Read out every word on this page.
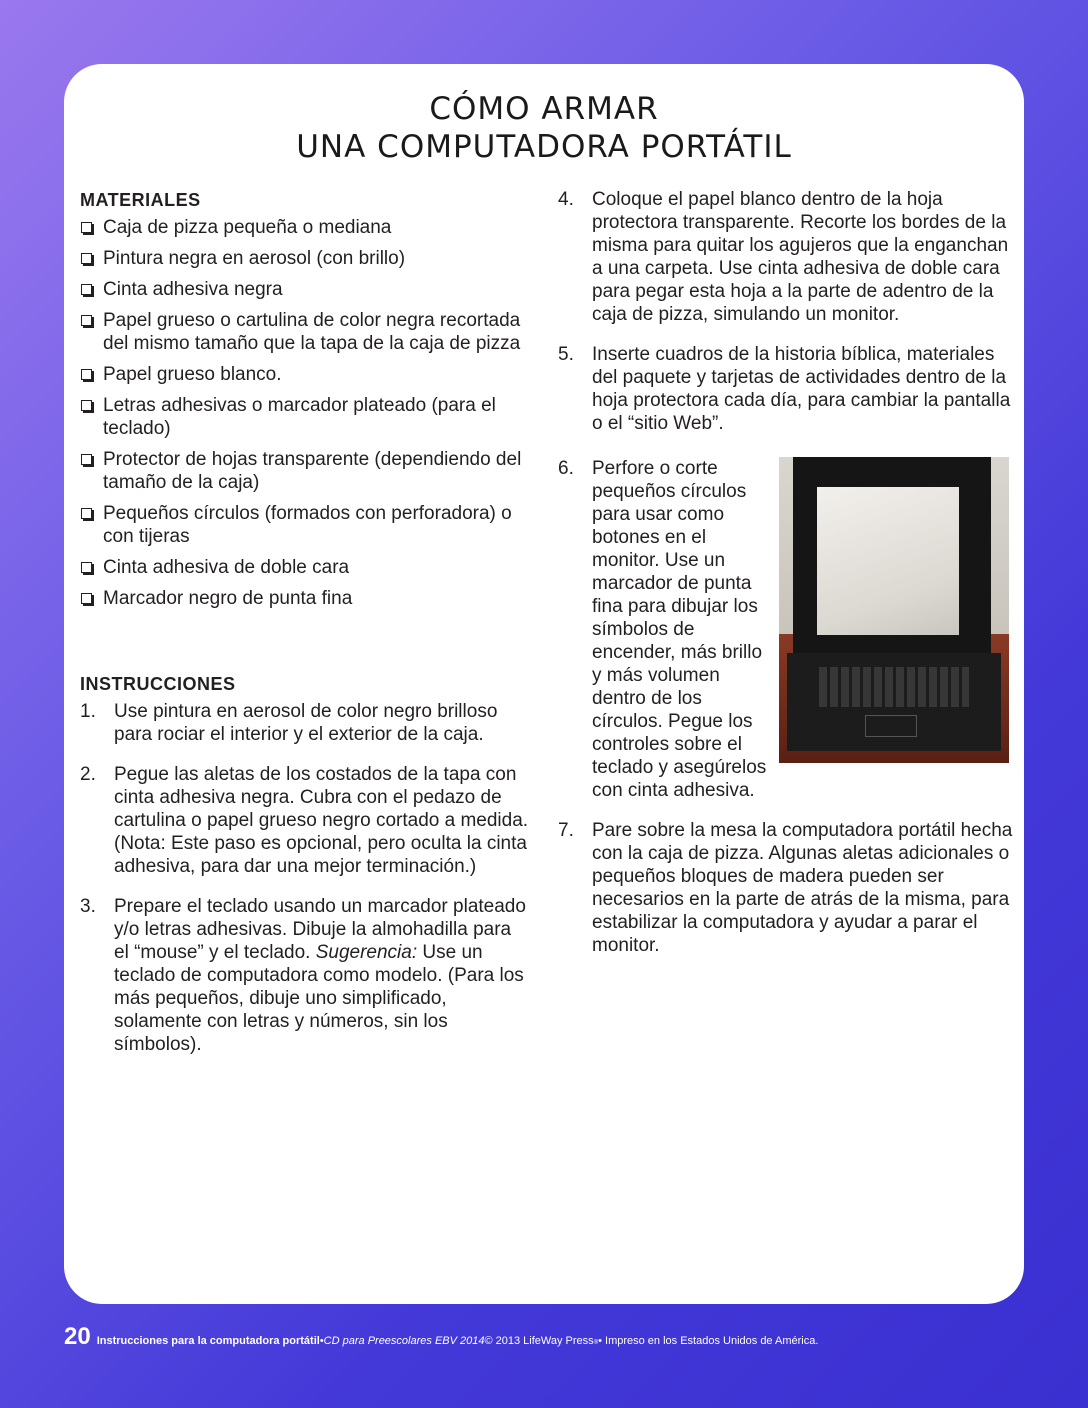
CÓMO ARMAR
UNA COMPUTADORA PORTÁTIL
MATERIALES
Caja de pizza pequeña o mediana
Pintura negra en aerosol (con brillo)
Cinta adhesiva negra
Papel grueso o cartulina de color negra recortada del mismo tamaño que la tapa de la caja de pizza
Papel grueso blanco.
Letras adhesivas o marcador plateado (para el teclado)
Protector de hojas transparente (dependiendo del tamaño de la caja)
Pequeños círculos (formados con perforadora) o con tijeras
Cinta adhesiva de doble cara
Marcador negro de punta fina
INSTRUCCIONES
1. Use pintura en aerosol de color negro brilloso para rociar el interior y el exterior de la caja.
2. Pegue las aletas de los costados de la tapa con cinta adhesiva negra. Cubra con el pedazo de cartulina o papel grueso negro cortado a medida. (Nota: Este paso es opcional, pero oculta la cinta adhesiva, para dar una mejor terminación.)
3. Prepare el teclado usando un marcador plateado y/o letras adhesivas. Dibuje la almohadilla para el “mouse” y el teclado. Sugerencia: Use un teclado de computadora como modelo. (Para los más pequeños, dibuje uno simplificado, solamente con letras y números, sin los símbolos).
4. Coloque el papel blanco dentro de la hoja protectora transparente. Recorte los bordes de la misma para quitar los agujeros que la enganchan a una carpeta. Use cinta adhesiva de doble cara para pegar esta hoja a la parte de adentro de la caja de pizza, simulando un monitor.
5. Inserte cuadros de la historia bíblica, materiales del paquete y tarjetas de actividades dentro de la hoja protectora cada día, para cambiar la pantalla o el “sitio Web”.
6. Perfore o corte pequeños círculos para usar como botones en el monitor. Use un marcador de punta fina para dibujar los símbolos de encender, más brillo y más volumen dentro de los círculos. Pegue los controles sobre el teclado y asegúrelos con cinta adhesiva.
7. Pare sobre la mesa la computadora portátil hecha con la caja de pizza. Algunas aletas adicionales o pequeños bloques de madera pueden ser necesarios en la parte de atrás de la misma, para estabilizar la computadora y ayudar a parar el monitor.
20 Instrucciones para la computadora portátil • CD para Preescolares EBV 2014 © 2013 LifeWay Press ® • Impreso en los Estados Unidos de América.
